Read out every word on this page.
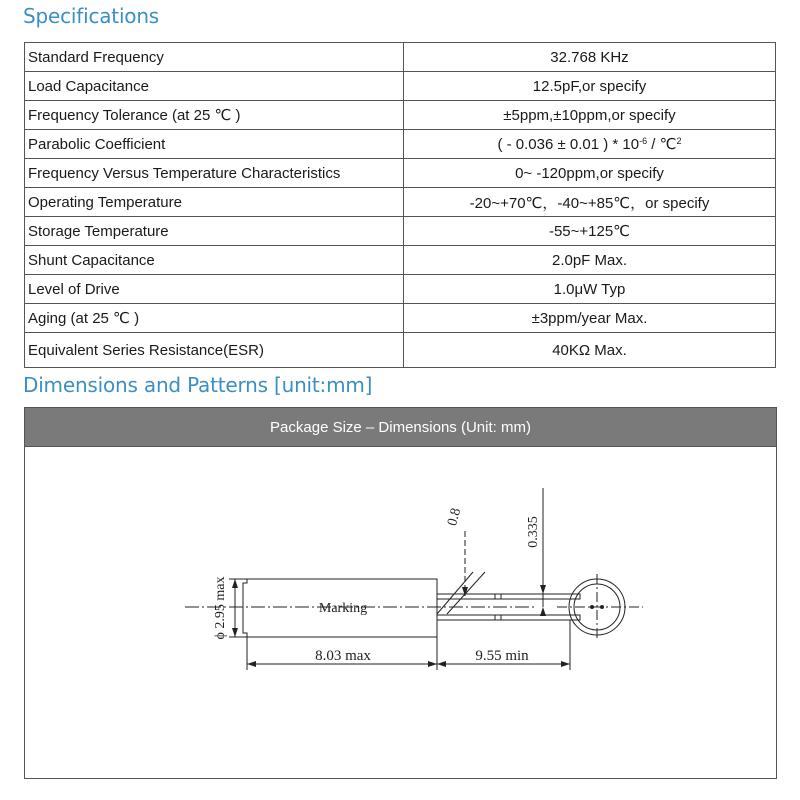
Specifications
Standard Frequency	32.768 KHz
Load Capacitance	12.5pF,or specify
Frequency Tolerance (at 25 ℃ )	±5ppm,±10ppm,or specify
Parabolic Coefficient	( - 0.036 ± 0.01 ) * $10^{-6}$ / ℃$^2$
Frequency Versus Temperature Characteristics	0~ -120ppm,or specify
Operating Temperature	-20~+70℃，-40~+85℃，or specify
Storage Temperature	-55~+125℃
Shunt Capacitance	2.0pF Max.
Level of Drive	1.0μW Typ
Aging (at 25 ℃ )	±3ppm/year Max.
Equivalent Series Resistance(ESR)	40KΩ Max.
Dimensions and Patterns [unit:mm]
Package Size – Dimensions (Unit: mm)
Marking
ϕ 2.95 max
8.03 max	9.55 min
0.8	0.335
